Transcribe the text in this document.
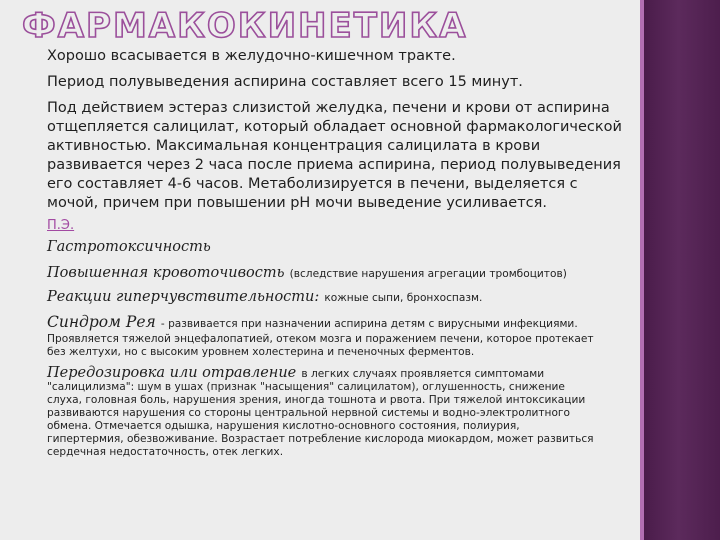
ФАРМАКОКИНЕТИКА

Хорошо всасывается в желудочно-кишечном тракте.

Период полувыведения аспирина составляет всего 15 минут.

Под действием эстераз слизистой желудка, печени и крови от аспирина
отщепляется салицилат, который обладает основной фармакологической
активностью. Максимальная концентрация салицилата в крови
развивается через 2 часа после приема аспирина, период полувыведения
его составляет 4-6 часов. Метаболизируется в печени, выделяется с
мочой, причем при повышении pH мочи выведение усиливается.

П.Э.

Гастротоксичность

Повышенная кровоточивость (вследствие нарушения агрегации тромбоцитов)

Реакции гиперчувствительности: кожные сыпи, бронхоспазм.

Синдром Рея - развивается при назначении аспирина детям с вирусными инфекциями.

Проявляется тяжелой энцефалопатией, отеком мозга и поражением печени, которое протекает
без желтухи, но с высоким уровнем холестерина и печеночных ферментов.

Передозировка или отравление в легких случаях проявляется симптомами

"салицилизма": шум в ушах (признак "насыщения" салицилатом), оглушенность, снижение
слуха, головная боль, нарушения зрения, иногда тошнота и рвота. При тяжелой интоксикации
развиваются нарушения со стороны центральной нервной системы и водно-электролитного
обмена. Отмечается одышка, нарушения кислотно-основного состояния, полиурия,
гипертермия, обезвоживание. Возрастает потребление кислорода миокардом, может развиться
сердечная недостаточность, отек легких.
